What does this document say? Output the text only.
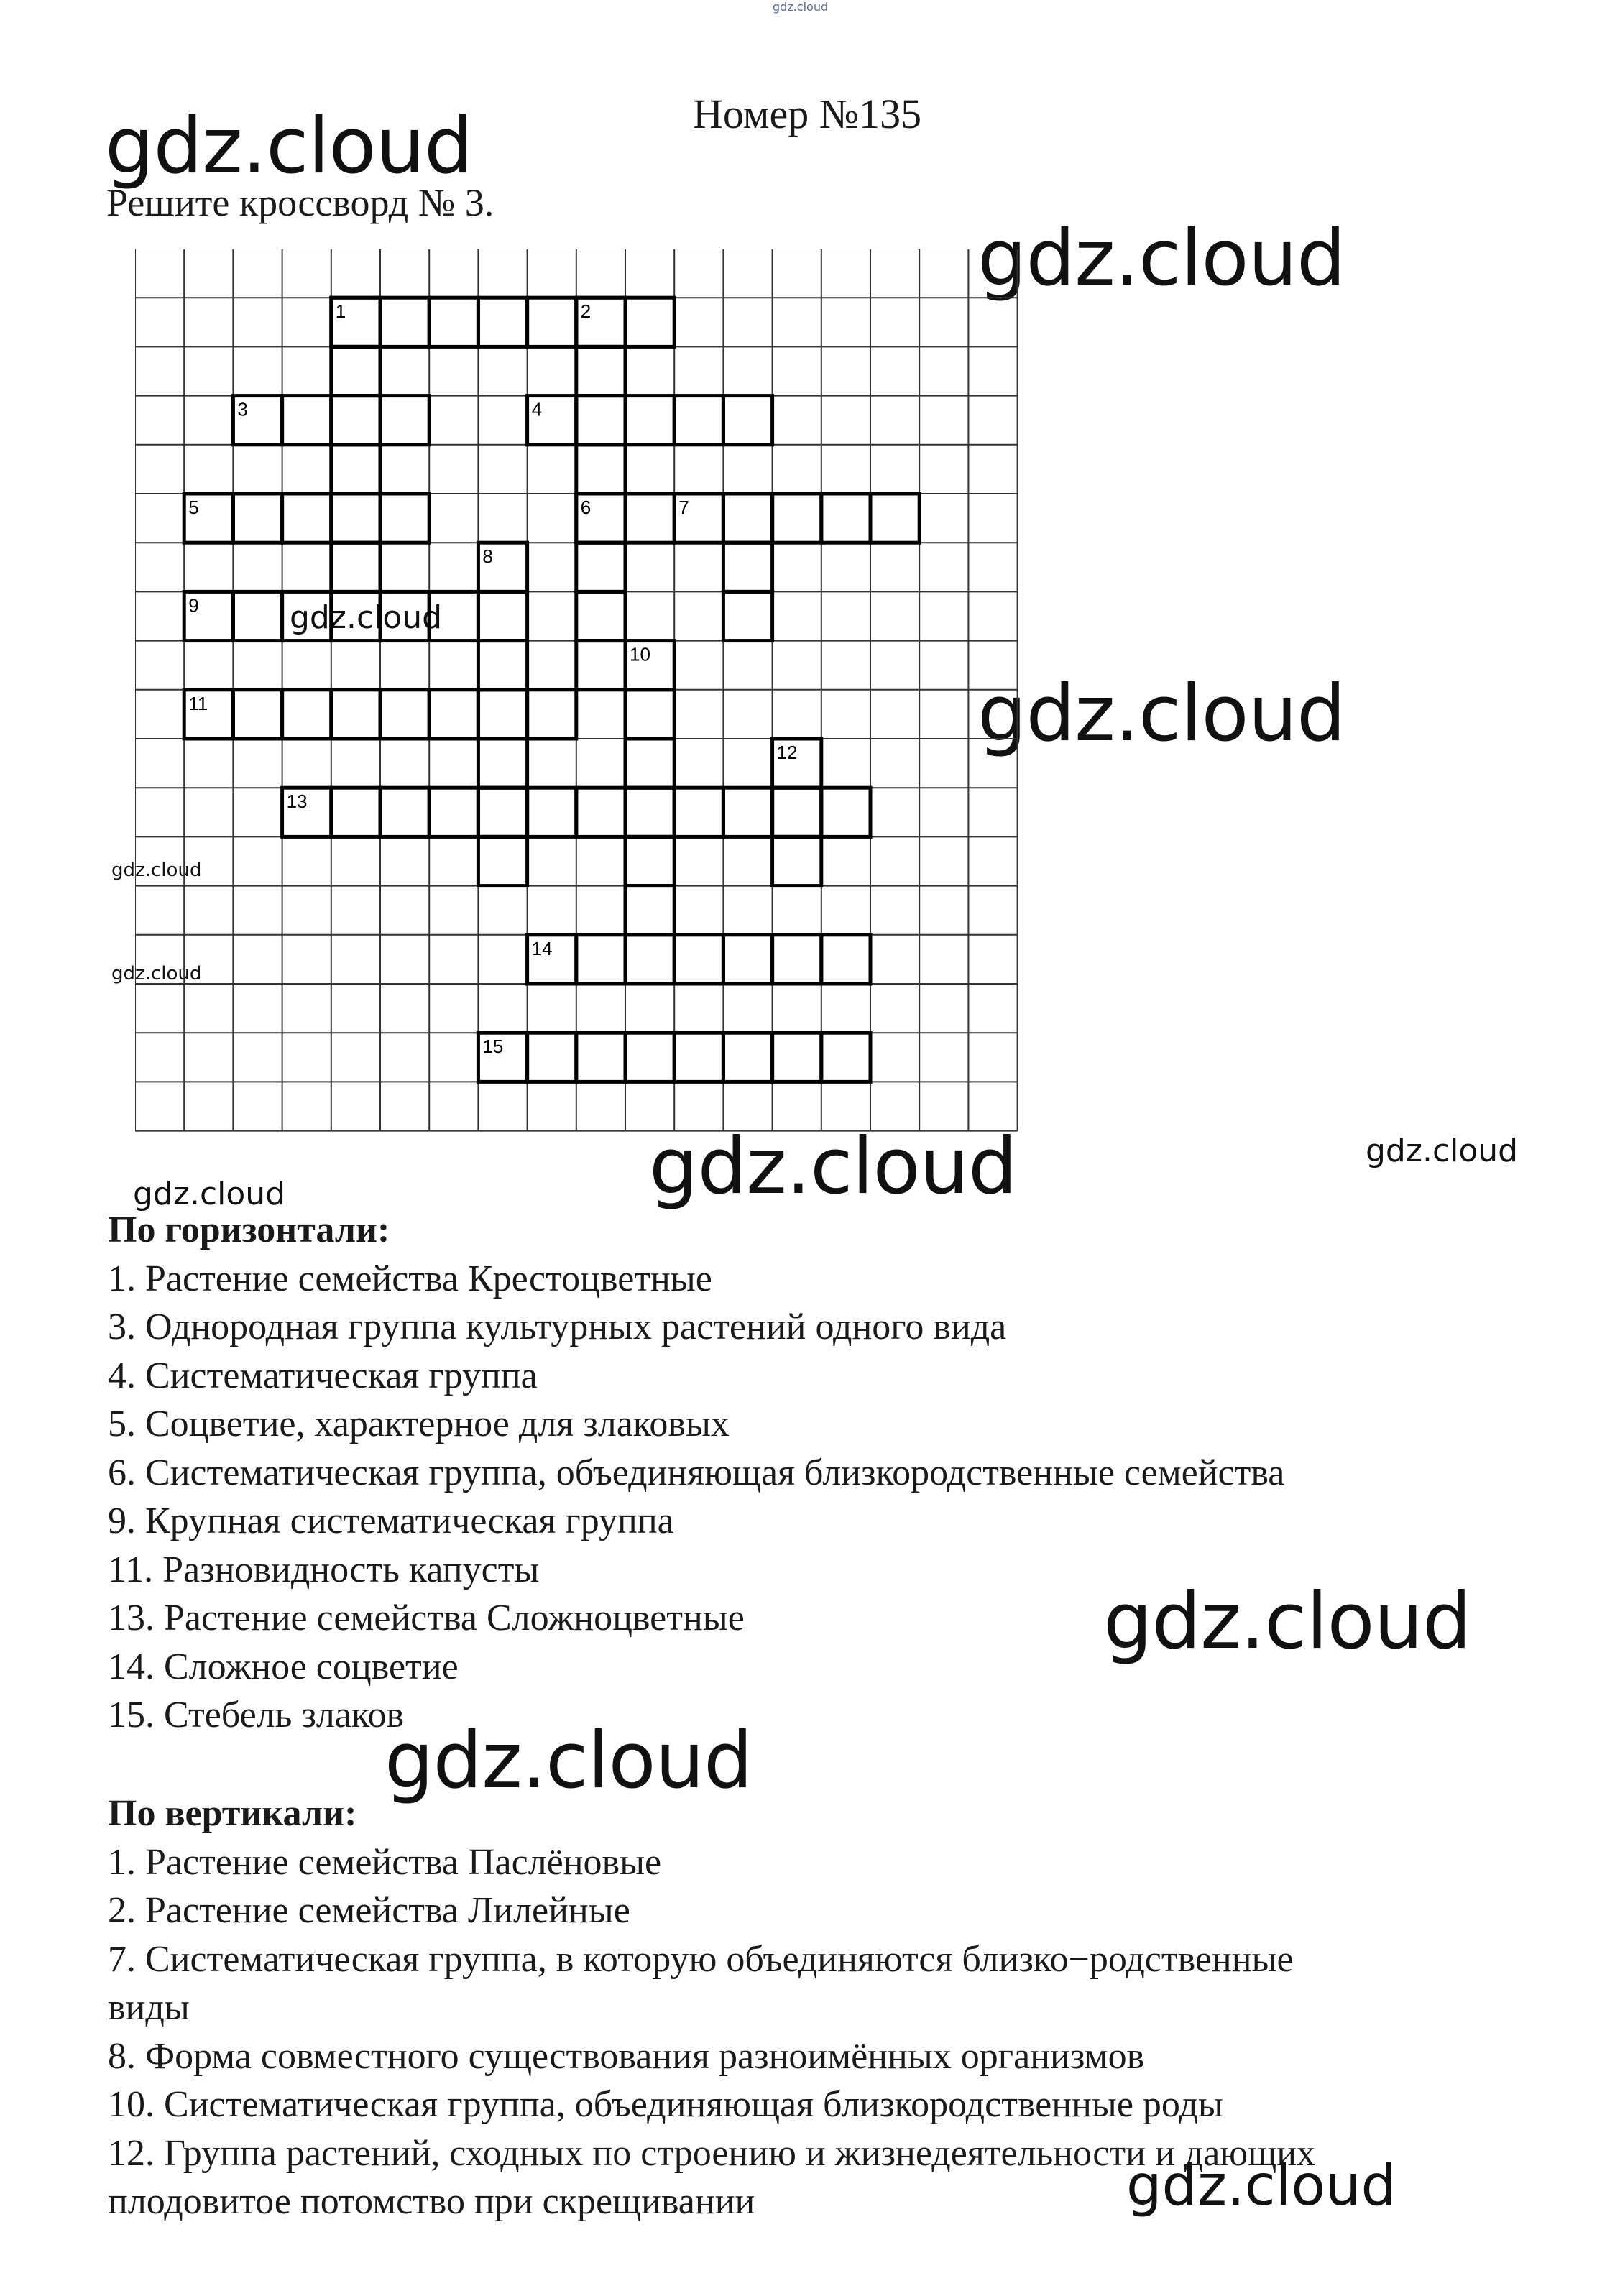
gdz.cloud
gdz.cloud
gdz.cloud
gdz.cloud
gdz.cloud
gdz.cloud
gdz.cloud
gdz.cloud
gdz.cloud
gdz.cloud
gdz.cloud
gdz.cloud
gdz.cloud
Номер №135
Решите кроссворд № 3.
1	2
3	4
5	6	7
8
9
10
11
12
13
14
15
По горизонтали:
1. Растение семейства Крестоцветные
3. Однородная группа культурных растений одного вида
4. Систематическая группа
5. Соцветие, характерное для злаковых
6. Систематическая группа, объединяющая близкородственные семейства
9. Крупная систематическая группа
11. Разновидность капусты
13. Растение семейства Сложноцветные
14. Сложное соцветие
15. Стебель злаков
По вертикали:
1. Растение семейства Паслёновые
2. Растение семейства Лилейные
7. Систематическая группа, в которую объединяются близко−родственные
виды
8. Форма совместного существования разноимённых организмов
10. Систематическая группа, объединяющая близкородственные роды
12. Группа растений, сходных по строению и жизнедеятельности и дающих
плодовитое потомство при скрещивании
